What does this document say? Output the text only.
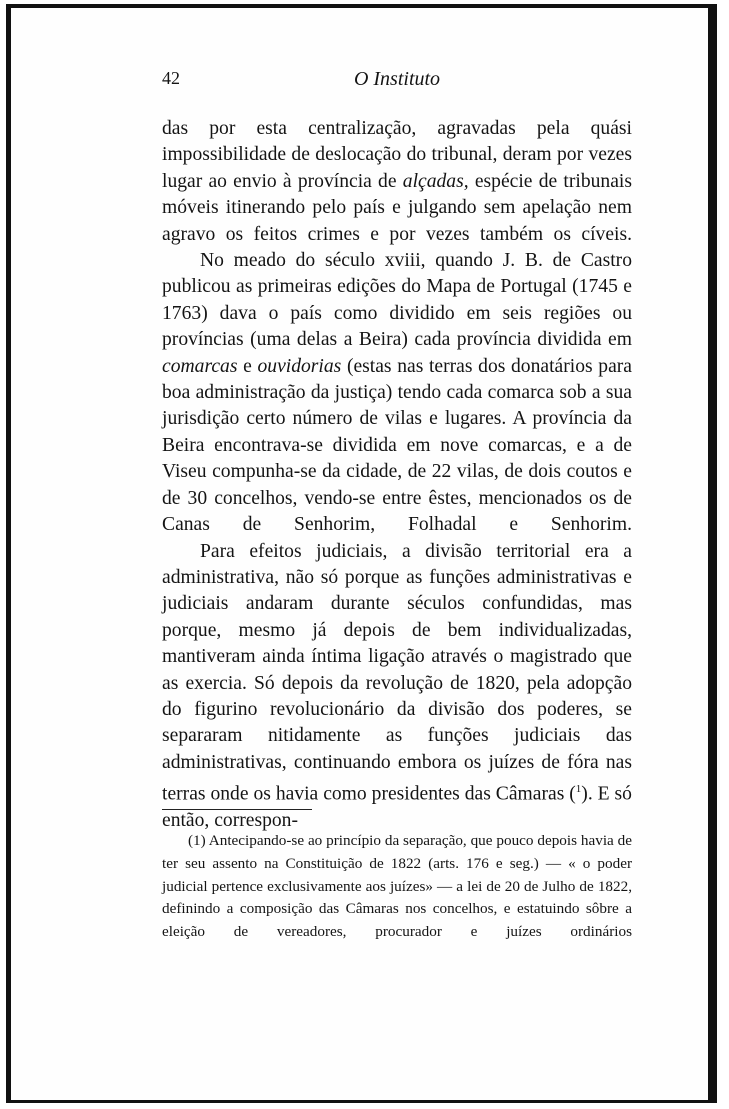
42	O Instituto

das por esta centralização, agravadas pela quási impossibilidade de deslocação do tribunal, deram por vezes lugar ao envio à província de alçadas, espécie de tribunais móveis itinerando pelo país e julgando sem apelação nem agravo os feitos crimes e por vezes também os cíveis.

No meado do século xviii, quando J. B. de Castro publicou as primeiras edições do Mapa de Portugal (1745 e 1763) dava o país como dividido em seis regiões ou províncias (uma delas a Beira) cada província dividida em comarcas e ouvidorias (estas nas terras dos donatários para boa administração da justiça) tendo cada comarca sob a sua jurisdição certo número de vilas e lugares. A província da Beira encontrava-se dividida em nove comarcas, e a de Viseu compunha-se da cidade, de 22 vilas, de dois coutos e de 30 concelhos, vendo-se entre êstes, mencionados os de Canas de Senhorim, Folhadal e Senhorim.

Para efeitos judiciais, a divisão territorial era a administrativa, não só porque as funções administrativas e judiciais andaram durante séculos confundidas, mas porque, mesmo já depois de bem individualizadas, mantiveram ainda íntima ligação através o magistrado que as exercia. Só depois da revolução de 1820, pela adopção do figurino revolucionário da divisão dos poderes, se separaram nitidamente as funções judiciais das administrativas, continuando embora os juízes de fóra nas terras onde os havia como presidentes das Câmaras ($^1$). E só então, correspon-

(1) Antecipando-se ao princípio da separação, que pouco depois havia de ter seu assento na Constituição de 1822 (arts. 176 e seg.) — « o poder judicial pertence exclusivamente aos juízes» — a lei de 20 de Julho de 1822, definindo a composição das Câmaras nos concelhos, e estatuindo sôbre a eleição de vereadores, procurador e juízes ordinários
